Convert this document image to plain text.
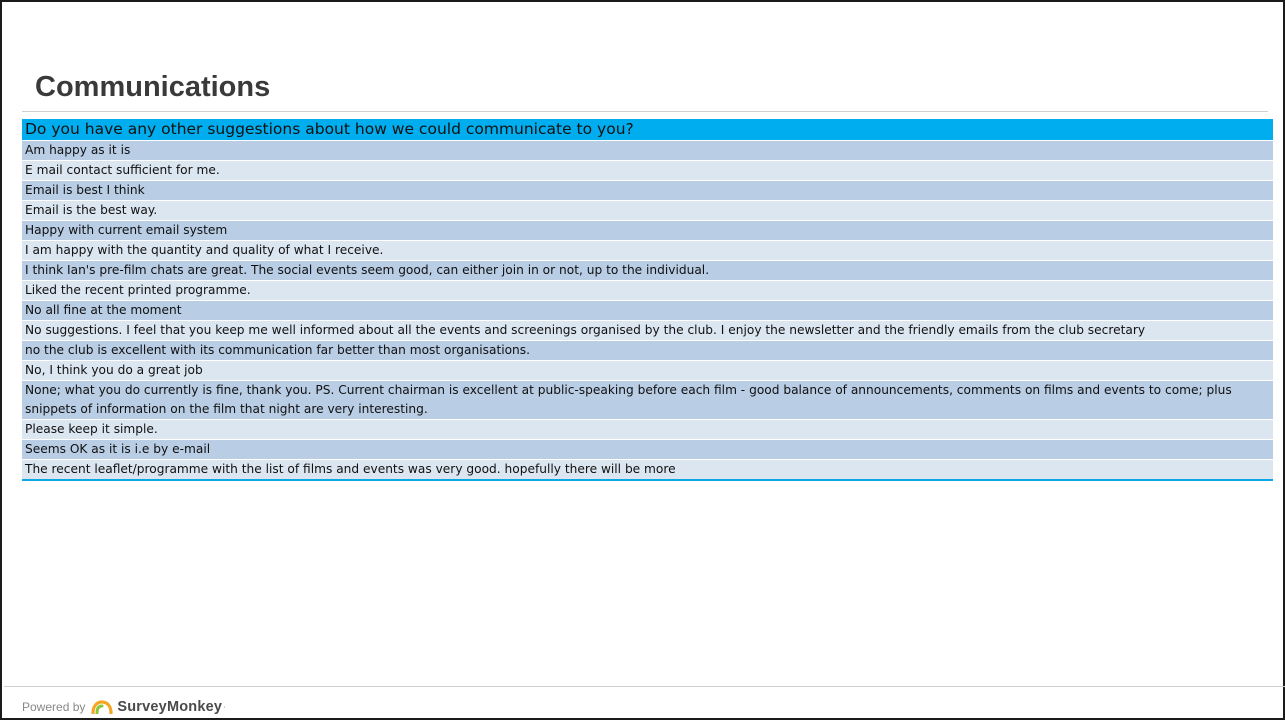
Communications
Do you have any other suggestions about how we could communicate to you?
Am happy as it is
E mail contact sufficient for me.
Email is best I think
Email is the best way.
Happy with current email system
I am happy with the quantity and quality of what I receive.
I think Ian's pre-film chats are great. The social events seem good, can either join in or not, up to the individual.
Liked the recent printed programme.
No all fine at the moment
No suggestions. I feel that you keep me well informed about all the events and screenings organised by the club. I enjoy the newsletter and the friendly emails from the club secretary
no the club is excellent with its communication far better than most organisations.
No, I think you do a great job
None; what you do currently is fine, thank you. PS. Current chairman is excellent at public-speaking before each film - good balance of announcements, comments on films and events to come; plus snippets of information on the film that night are very interesting.
Please keep it simple.
Seems OK as it is i.e by e-mail
The recent leaflet/programme with the list of films and events was very good. hopefully there will be more
Powered by SurveyMonkey ·
